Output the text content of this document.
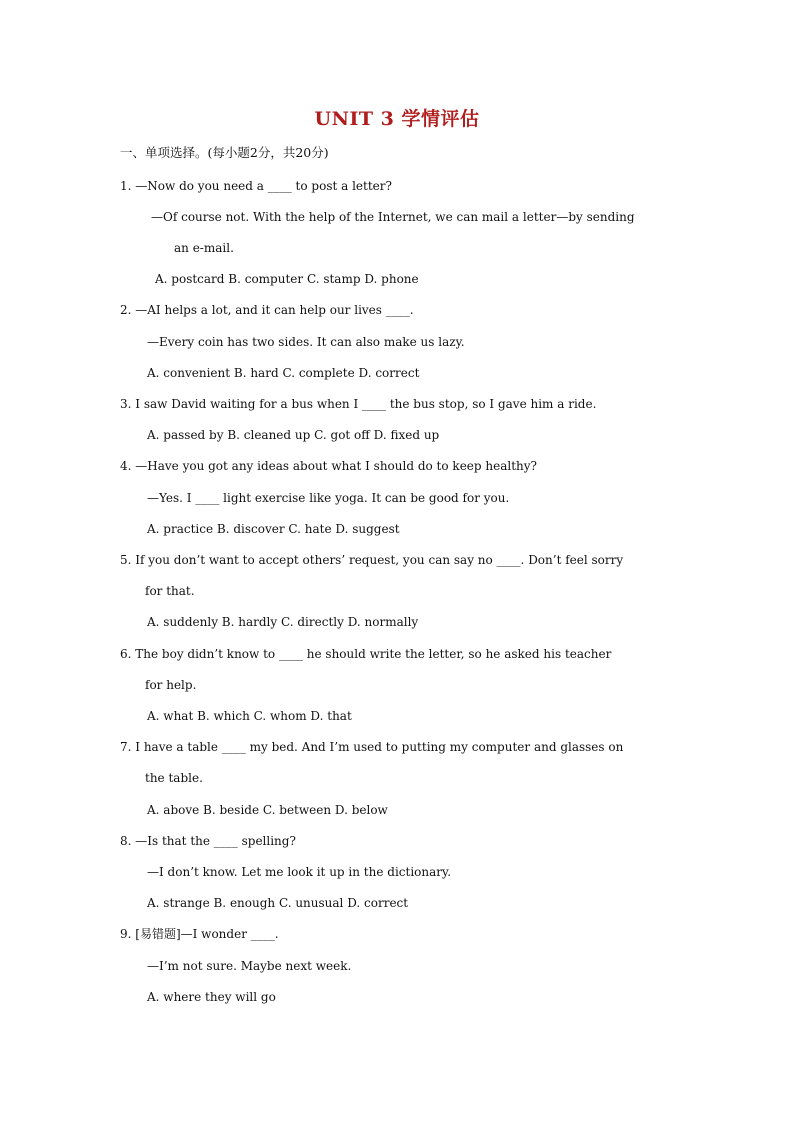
UNIT 3 学情评估
一、单项选择。(每小题2分，共20分)
1. —Now do you need a ____ to post a letter?
—Of course not. With the help of the Internet, we can mail a letter—by sending
an e-mail.
A. postcard B. computer C. stamp D. phone
2. —AI helps a lot, and it can help our lives ____.
—Every coin has two sides. It can also make us lazy.
A. convenient B. hard C. complete D. correct
3. I saw David waiting for a bus when I ____ the bus stop, so I gave him a ride.
A. passed by B. cleaned up C. got off D. fixed up
4. —Have you got any ideas about what I should do to keep healthy?
—Yes. I ____ light exercise like yoga. It can be good for you.
A. practice B. discover C. hate D. suggest
5. If you don’t want to accept others’ request, you can say no ____. Don’t feel sorry
for that.
A. suddenly B. hardly C. directly D. normally
6. The boy didn’t know to ____ he should write the letter, so he asked his teacher
for help.
A. what B. which C. whom D. that
7. I have a table ____ my bed. And I’m used to putting my computer and glasses on
the table.
A. above B. beside C. between D. below
8. —Is that the ____ spelling?
—I don’t know. Let me look it up in the dictionary.
A. strange B. enough C. unusual D. correct
9. [易错题]—I wonder ____.
—I’m not sure. Maybe next week.
A. where they will go
